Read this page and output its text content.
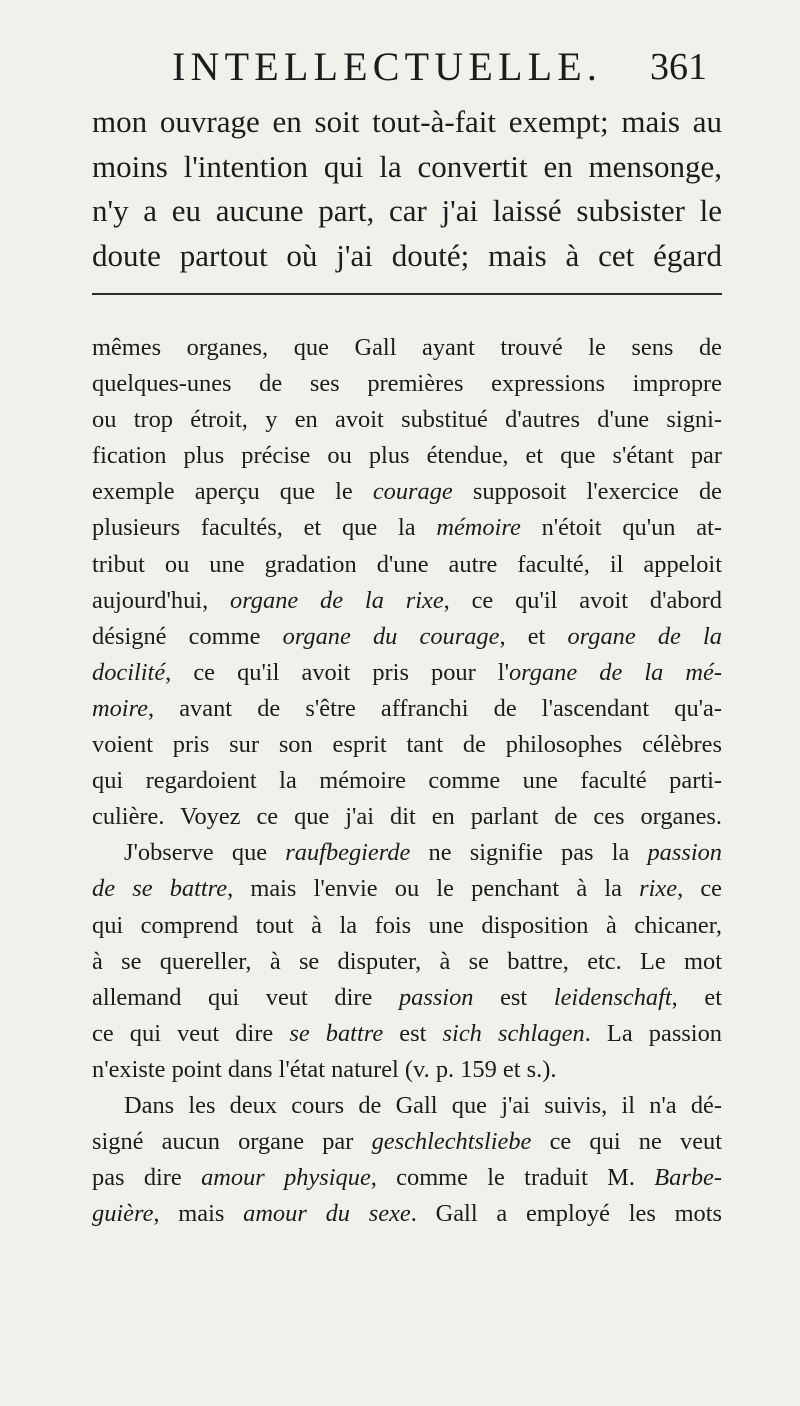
INTELLECTUELLE. 361
mon ouvrage en soit tout-à-fait exempt; mais au
moins l'intention qui la convertit en mensonge,
n'y a eu aucune part, car j'ai laissé subsister le
doute partout où j'ai douté; mais à cet égard
mêmes organes, que Gall ayant trouvé le sens de
quelques-unes de ses premières expressions impropre
ou trop étroit, y en avoit substitué d'autres d'une signi-
fication plus précise ou plus étendue, et que s'étant par
exemple aperçu que le courage supposoit l'exercice de
plusieurs facultés, et que la mémoire n'étoit qu'un at-
tribut ou une gradation d'une autre faculté, il appeloit
aujourd'hui, organe de la rixe, ce qu'il avoit d'abord
désigné comme organe du courage, et organe de la
docilité, ce qu'il avoit pris pour l'organe de la mé-
moire, avant de s'être affranchi de l'ascendant qu'a-
voient pris sur son esprit tant de philosophes célèbres
qui regardoient la mémoire comme une faculté parti-
culière. Voyez ce que j'ai dit en parlant de ces organes.
J'observe que raufbegierde ne signifie pas la passion
de se battre, mais l'envie ou le penchant à la rixe, ce
qui comprend tout à la fois une disposition à chicaner,
à se quereller, à se disputer, à se battre, etc. Le mot
allemand qui veut dire passion est leidenschaft, et
ce qui veut dire se battre est sich schlagen. La passion
n'existe point dans l'état naturel (v. p. 159 et s.).
Dans les deux cours de Gall que j'ai suivis, il n'a dé-
signé aucun organe par geschlechtsliebe ce qui ne veut
pas dire amour physique, comme le traduit M. Barbe-
guière, mais amour du sexe. Gall a employé les mots
